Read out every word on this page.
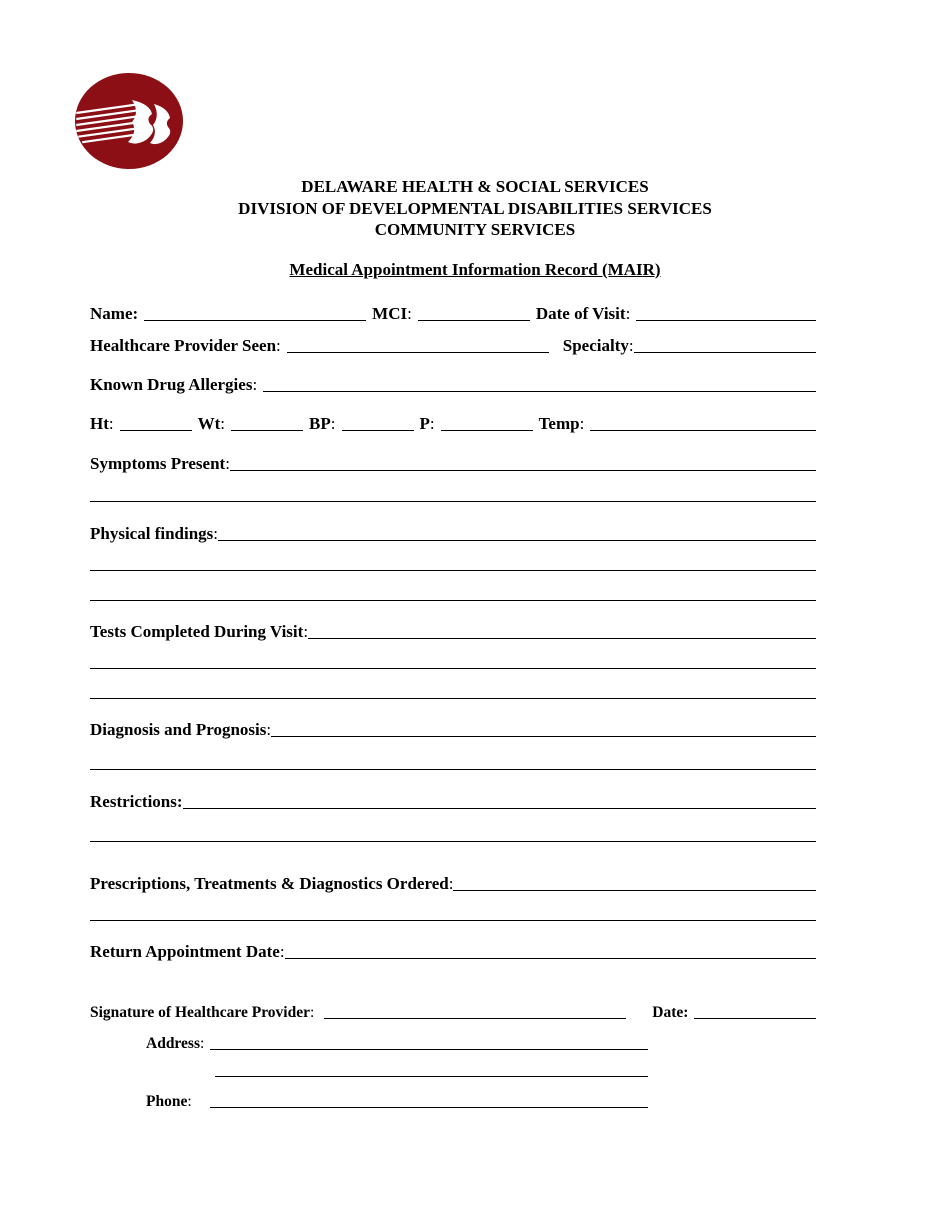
DELAWARE HEALTH & SOCIAL SERVICES
DIVISION OF DEVELOPMENTAL DISABILITIES SERVICES
COMMUNITY SERVICES
Medical Appointment Information Record (MAIR)
Name:	MCI :	Date of Visit :
Healthcare Provider Seen :	Specialty :
Known Drug Allergies :
Ht :	Wt :	BP :	P :	Temp :
Symptoms Present :
Physical findings :
Tests Completed During Visit :
Diagnosis and Prognosis :
Restrictions:
Prescriptions, Treatments & Diagnostics Ordered :
Return Appointment Date :
Signature of Healthcare Provider :	Date:
Address :
Phone :
